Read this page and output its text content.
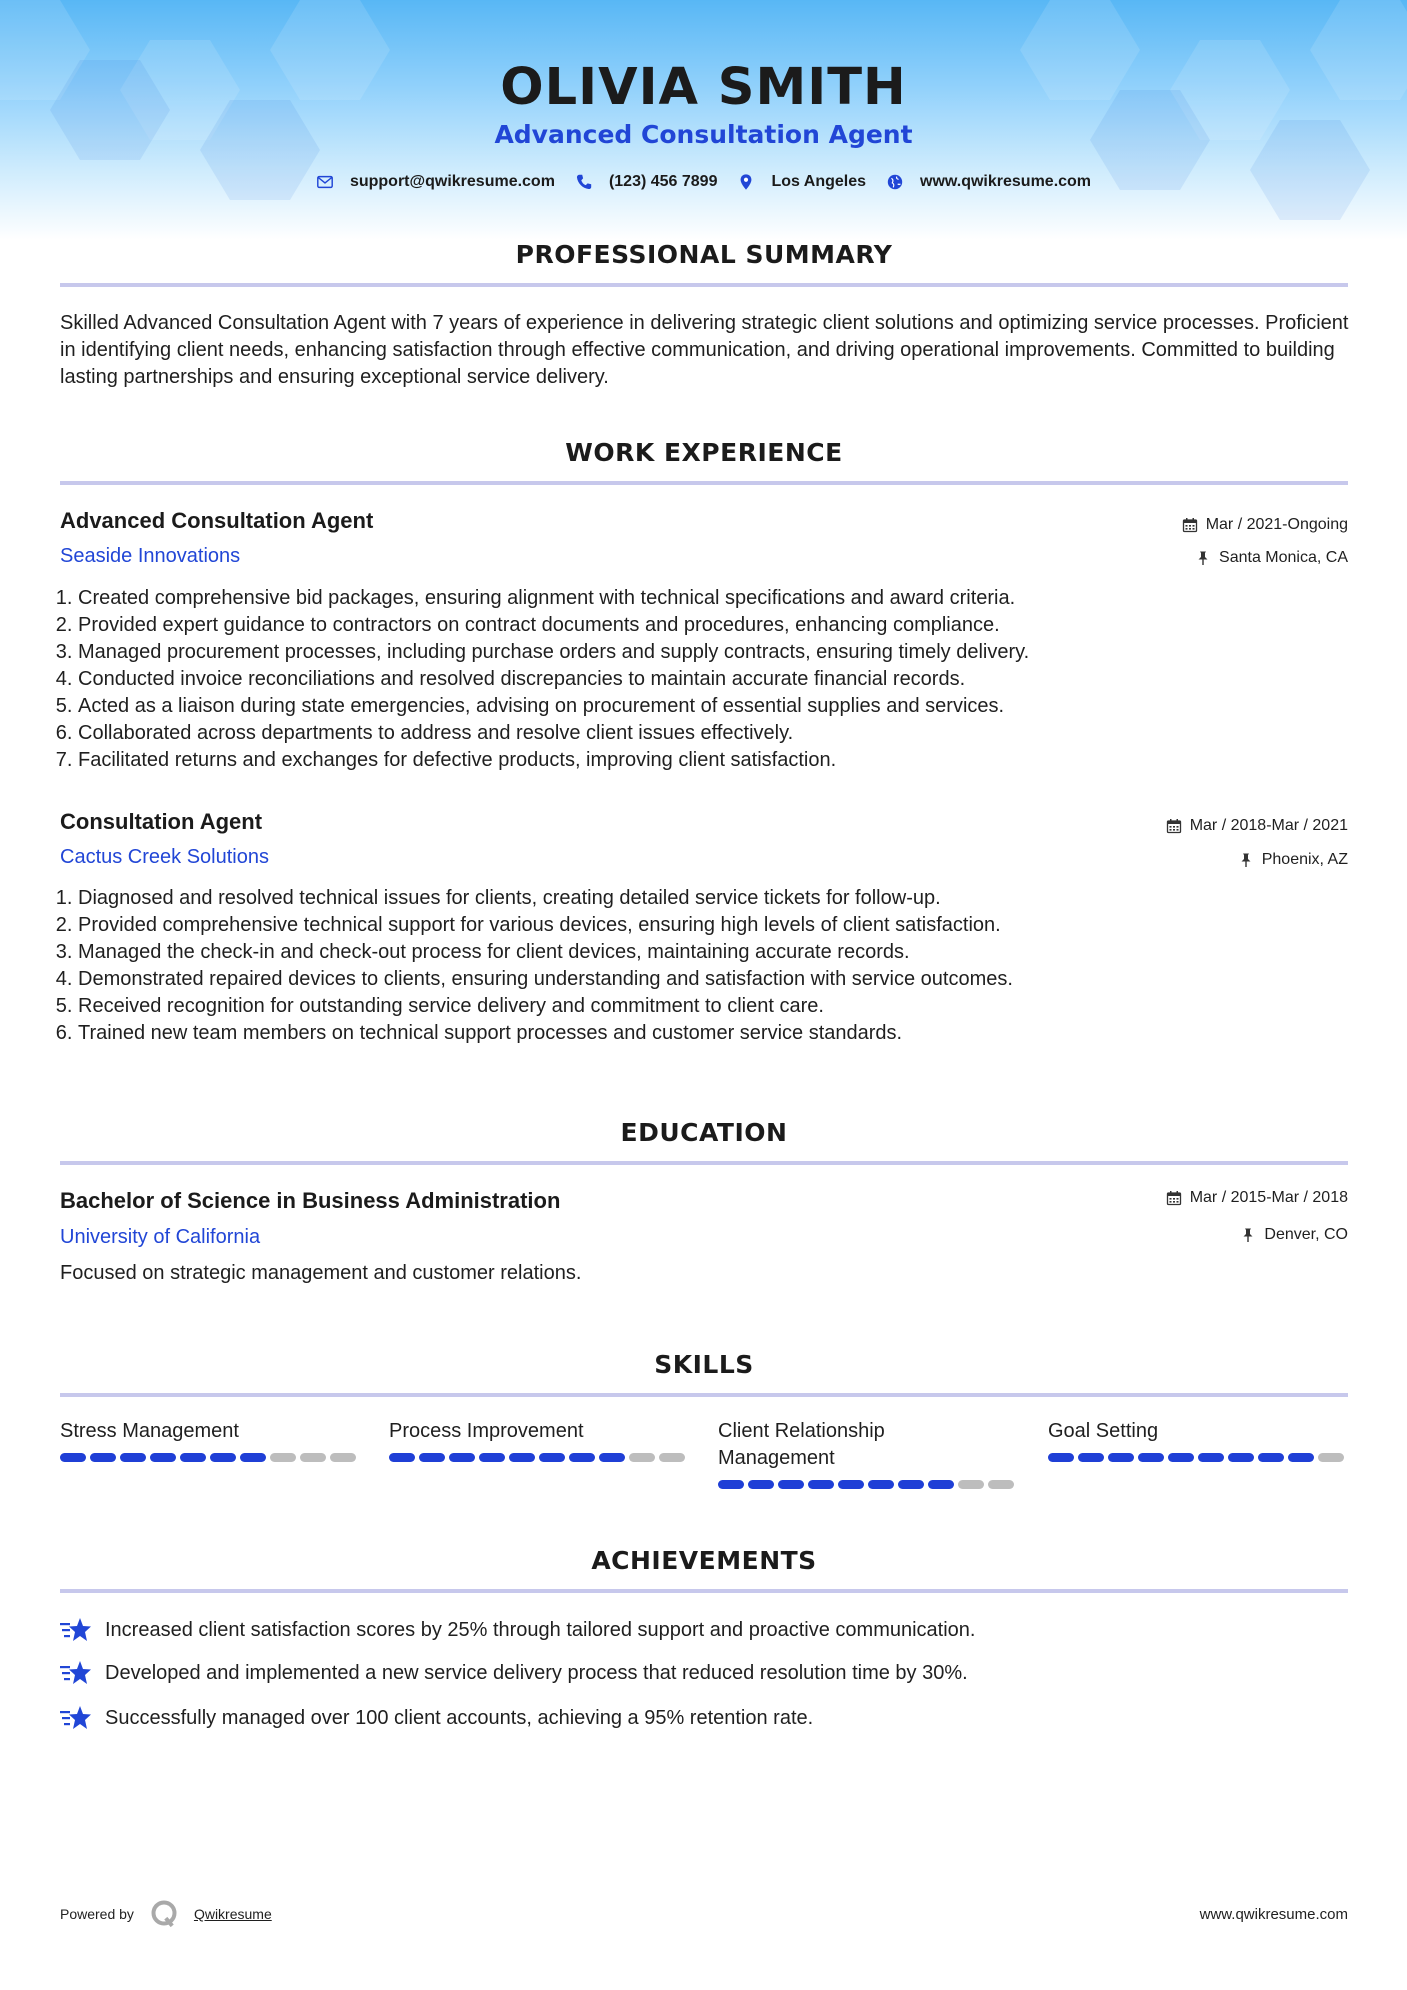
OLIVIA SMITH
Advanced Consultation Agent
support@qwikresume.com	(123) 456 7899	Los Angeles	www.qwikresume.com
PROFESSIONAL SUMMARY
Skilled Advanced Consultation Agent with 7 years of experience in delivering strategic client solutions and optimizing service processes. Proficient in identifying client needs, enhancing satisfaction through effective communication, and driving operational improvements. Committed to building lasting partnerships and ensuring exceptional service delivery.
WORK EXPERIENCE
Advanced Consultation Agent
Seaside Innovations
Mar / 2021-Ongoing
Santa Monica, CA
1. Created comprehensive bid packages, ensuring alignment with technical specifications and award criteria.
2. Provided expert guidance to contractors on contract documents and procedures, enhancing compliance.
3. Managed procurement processes, including purchase orders and supply contracts, ensuring timely delivery.
4. Conducted invoice reconciliations and resolved discrepancies to maintain accurate financial records.
5. Acted as a liaison during state emergencies, advising on procurement of essential supplies and services.
6. Collaborated across departments to address and resolve client issues effectively.
7. Facilitated returns and exchanges for defective products, improving client satisfaction.
Consultation Agent
Cactus Creek Solutions
Mar / 2018-Mar / 2021
Phoenix, AZ
1. Diagnosed and resolved technical issues for clients, creating detailed service tickets for follow-up.
2. Provided comprehensive technical support for various devices, ensuring high levels of client satisfaction.
3. Managed the check-in and check-out process for client devices, maintaining accurate records.
4. Demonstrated repaired devices to clients, ensuring understanding and satisfaction with service outcomes.
5. Received recognition for outstanding service delivery and commitment to client care.
6. Trained new team members on technical support processes and customer service standards.
EDUCATION
Bachelor of Science in Business Administration
University of California
Mar / 2015-Mar / 2018
Denver, CO
Focused on strategic management and customer relations.
SKILLS
Stress Management	Process Improvement	Client Relationship Management
Goal Setting
ACHIEVEMENTS
Increased client satisfaction scores by 25% through tailored support and proactive communication.
Developed and implemented a new service delivery process that reduced resolution time by 30%.
Successfully managed over 100 client accounts, achieving a 95% retention rate.
Powered by	Qwikresume	www.qwikresume.com
